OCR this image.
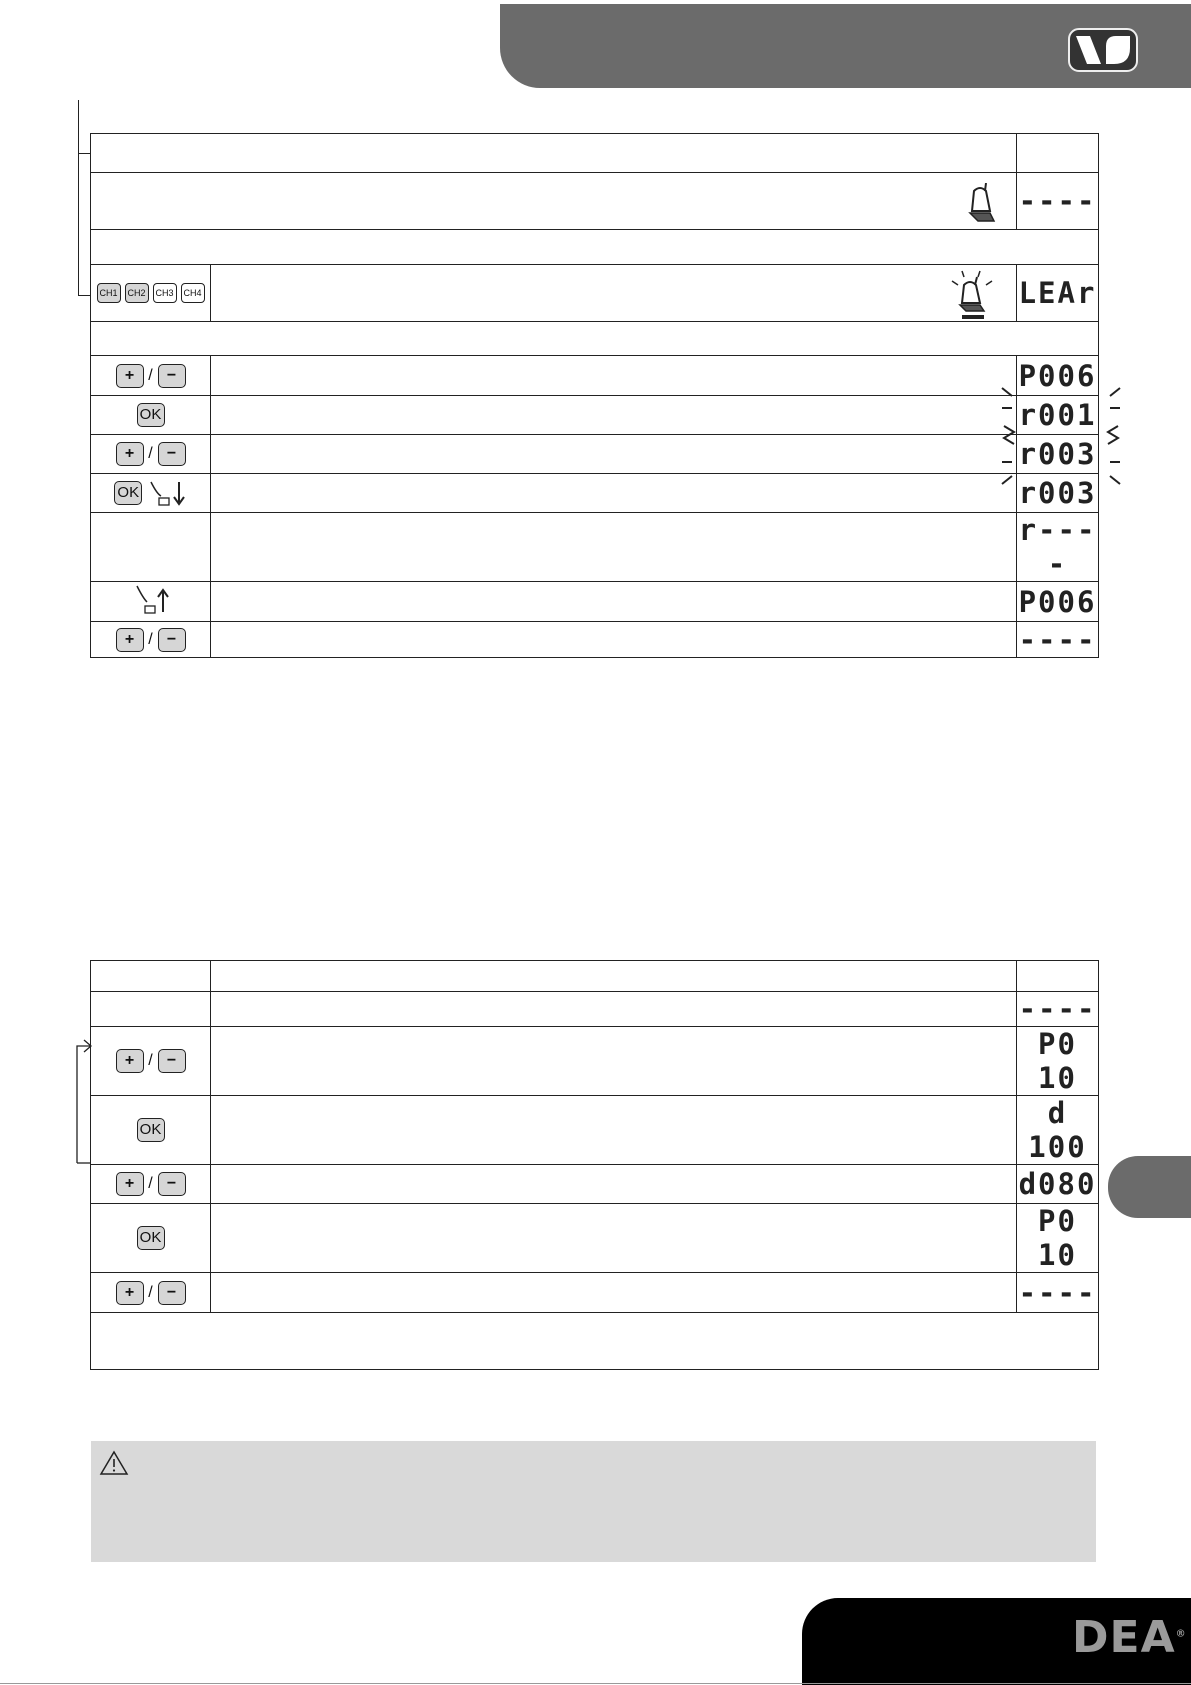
	----

CH1 CH2 CH3 CH4		LEAr

+ / −		P006
OK		r001
+ / −		r003
OK		r003
		r----
		P006
+ / −		----

		----
+ / −		P0 10
OK		d 100
+ / −		d080
OK		P0 10
+ / −		----

DEA®
